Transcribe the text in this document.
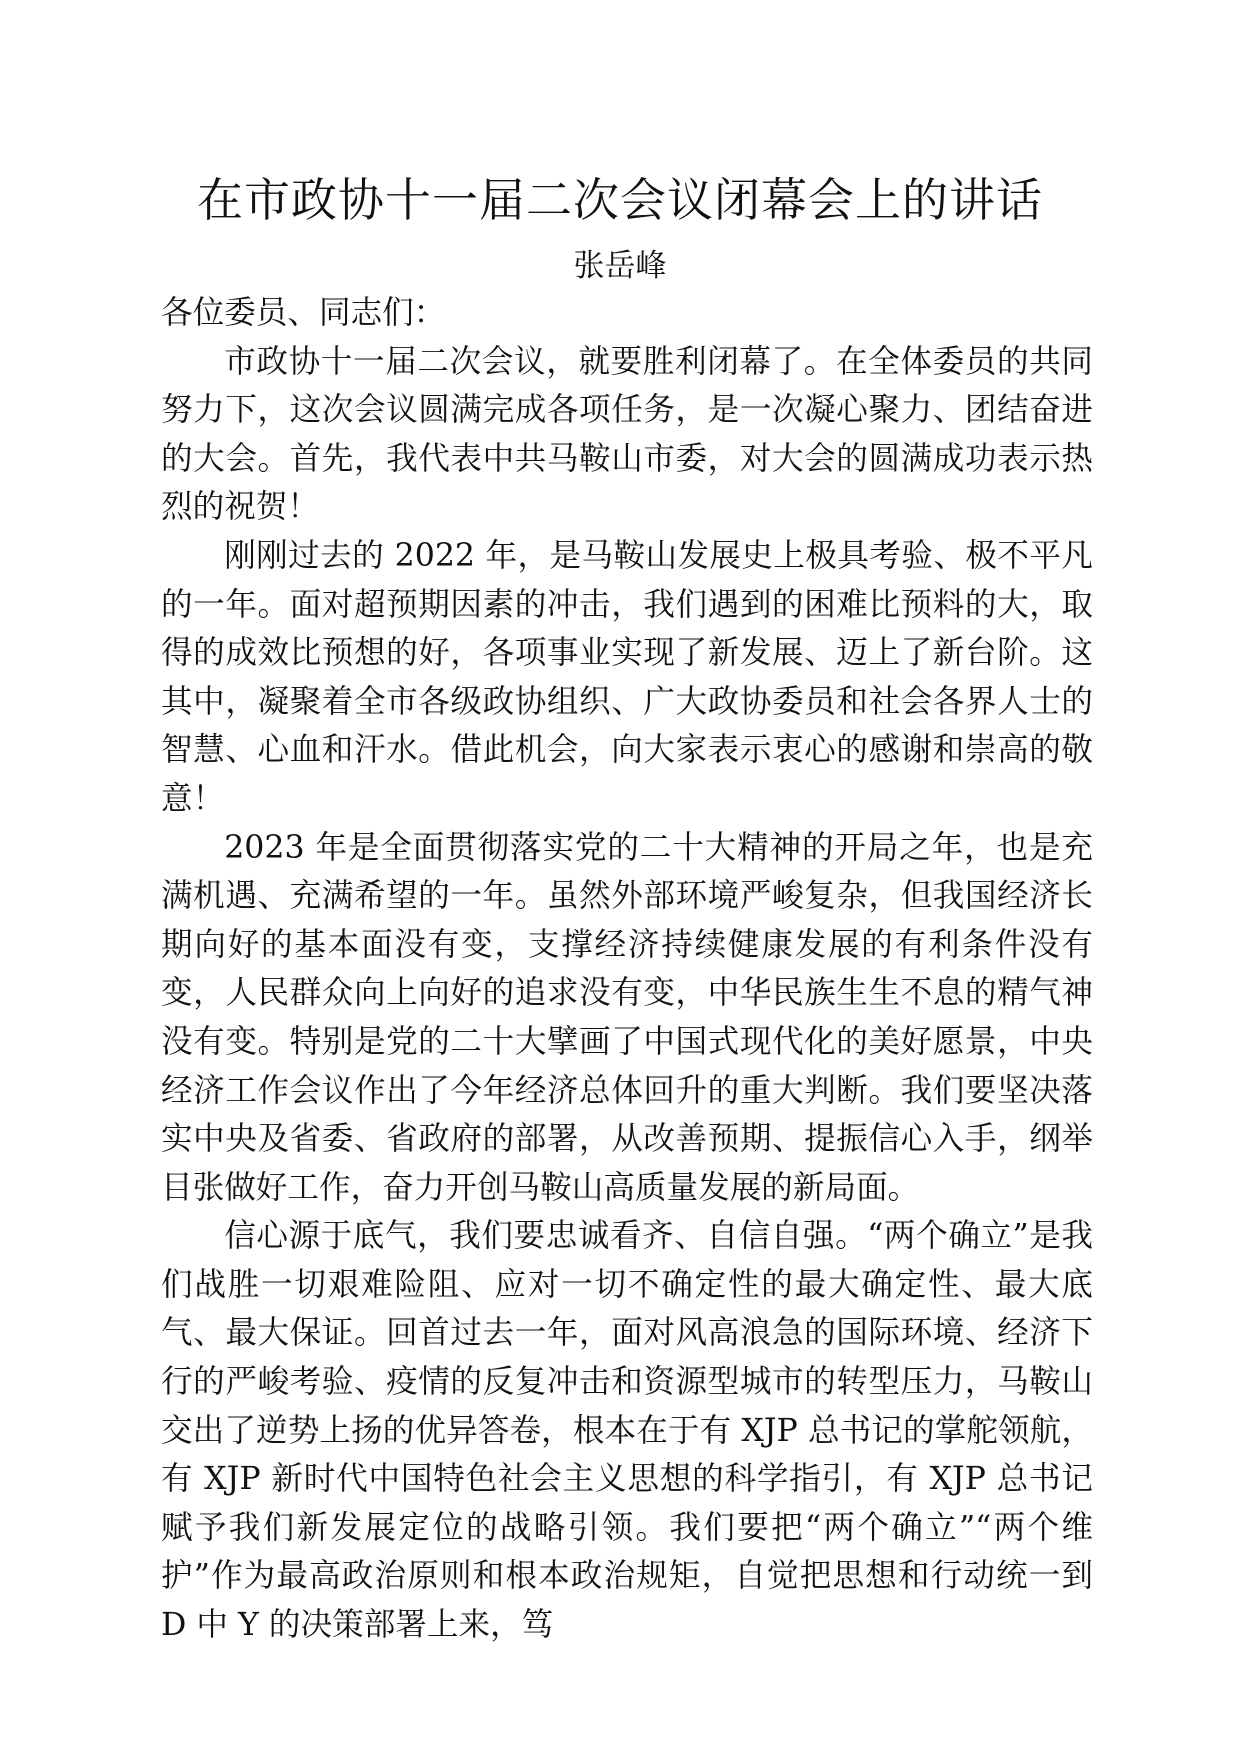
在市政协十一届二次会议闭幕会上的讲话
张岳峰

各位委员、同志们：

市政协十一届二次会议，就要胜利闭幕了。在全体委员的共同努力下，这次会议圆满完成各项任务，是一次凝心聚力、团结奋进的大会。首先，我代表中共马鞍山市委，对大会的圆满成功表示热烈的祝贺！

刚刚过去的 2022 年，是马鞍山发展史上极具考验、极不平凡的一年。面对超预期因素的冲击，我们遇到的困难比预料的大，取得的成效比预想的好，各项事业实现了新发展、迈上了新台阶。这其中，凝聚着全市各级政协组织、广大政协委员和社会各界人士的智慧、心血和汗水。借此机会，向大家表示衷心的感谢和崇高的敬意！

2023 年是全面贯彻落实党的二十大精神的开局之年，也是充满机遇、充满希望的一年。虽然外部环境严峻复杂，但我国经济长期向好的基本面没有变，支撑经济持续健康发展的有利条件没有变，人民群众向上向好的追求没有变，中华民族生生不息的精气神没有变。特别是党的二十大擘画了中国式现代化的美好愿景，中央经济工作会议作出了今年经济总体回升的重大判断。我们要坚决落实中央及省委、省政府的部署，从改善预期、提振信心入手，纲举目张做好工作，奋力开创马鞍山高质量发展的新局面。

信心源于底气，我们要忠诚看齐、自信自强。“两个确立”是我们战胜一切艰难险阻、应对一切不确定性的最大确定性、最大底气、最大保证。回首过去一年，面对风高浪急的国际环境、经济下行的严峻考验、疫情的反复冲击和资源型城市的转型压力，马鞍山交出了逆势上扬的优异答卷，根本在于有 XJP 总书记的掌舵领航，有 XJP 新时代中国特色社会主义思想的科学指引，有 XJP 总书记赋予我们新发展定位的战略引领。我们要把“两个确立”“两个维护”作为最高政治原则和根本政治规矩，自觉把思想和行动统一到 D 中 Y 的决策部署上来，笃
